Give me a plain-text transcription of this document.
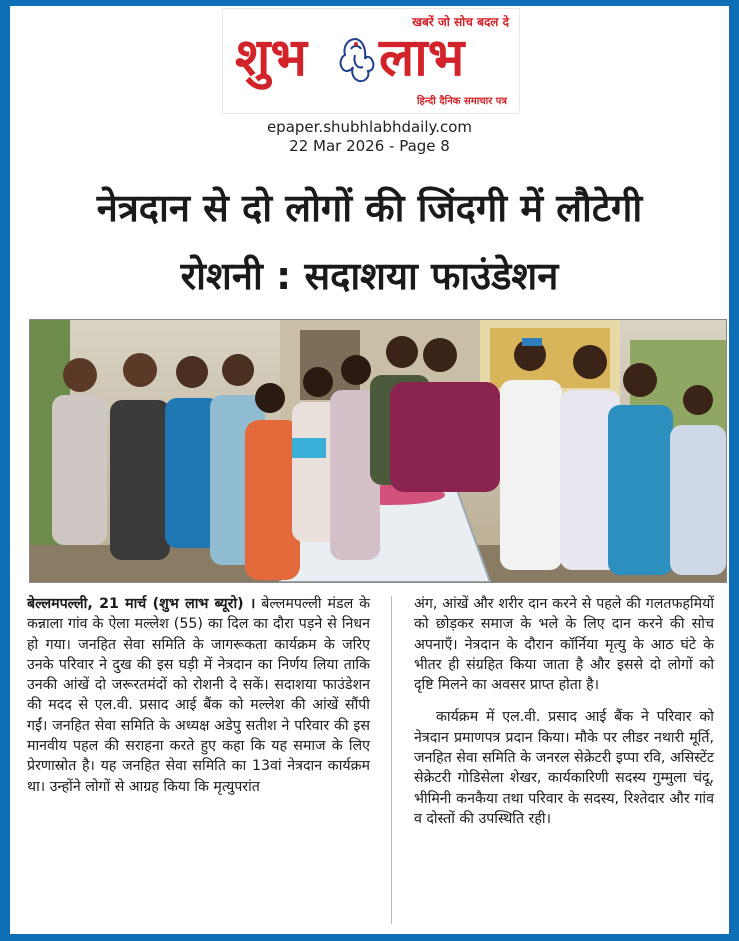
खबरें जो सोच बदल दे
शुभ लाभ
हिन्दी दैनिक समाचार पत्र
epaper.shubhlabhdaily.com
22 Mar 2026 - Page 8
नेत्रदान से दो लोगों की जिंदगी में लौटेगी
रोशनी : सदाशया फाउंडेशन

बेल्लमपल्ली, 21 मार्च (शुभ लाभ ब्यूरो) । बेल्लमपल्ली मंडल के कन्नाला गांव के ऐला मल्लेश (55) का दिल का दौरा पड़ने से निधन हो गया। जनहित सेवा समिति के जागरूकता कार्यक्रम के जरिए उनके परिवार ने दुख की इस घड़ी में नेत्रदान का निर्णय लिया ताकि उनकी आंखें दो जरूरतमंदों को रोशनी दे सकें। सदाशया फाउंडेशन की मदद से एल.वी. प्रसाद आई बैंक को मल्लेश की आंखें सौंपी गईं। जनहित सेवा समिति के अध्यक्ष अडेपु सतीश ने परिवार की इस मानवीय पहल की सराहना करते हुए कहा कि यह समाज के लिए प्रेरणास्रोत है। यह जनहित सेवा समिति का 13वां नेत्रदान कार्यक्रम था। उन्होंने लोगों से आग्रह किया कि मृत्युपरांत

अंग, आंखें और शरीर दान करने से पहले की गलतफहमियों को छोड़कर समाज के भले के लिए दान करने की सोच अपनाएँ। नेत्रदान के दौरान कॉर्निया मृत्यु के आठ घंटे के भीतर ही संग्रहित किया जाता है और इससे दो लोगों को दृष्टि मिलने का अवसर प्राप्त होता है।

कार्यक्रम में एल.वी. प्रसाद आई बैंक ने परिवार को नेत्रदान प्रमाणपत्र प्रदान किया। मौके पर लीडर नथारी मूर्ति, जनहित सेवा समिति के जनरल सेक्रेटरी इप्पा रवि, असिस्टेंट सेक्रेटरी गोडिसेला शेखर, कार्यकारिणी सदस्य गुम्मुला चंदू, भीमिनी कनकैया तथा परिवार के सदस्य, रिश्तेदार और गांव व दोस्तों की उपस्थिति रही।
